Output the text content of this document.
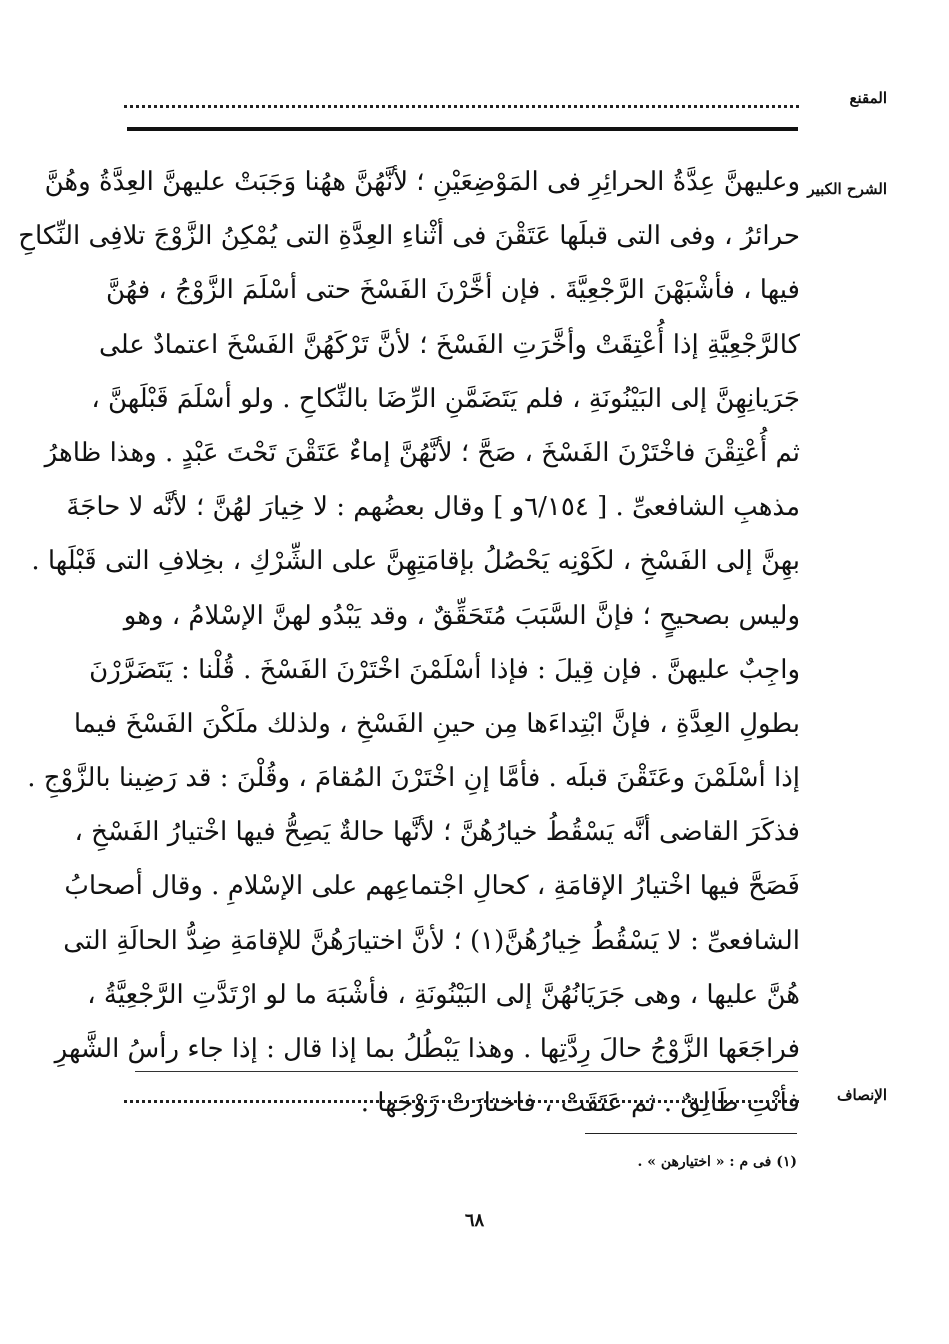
المقنع
الشرح الكبير
وعليهنَّ عِدَّةُ الحرائِرِ فى المَوْضِعَيْنِ ؛ لأنَّهُنَّ ههُنا وَجَبَتْ عليهنَّ العِدَّةُ وهُنَّ
حرائرُ ، وفى التى قبلَها عَتَقْنَ فى أثْناءِ العِدَّةِ التى يُمْكِنُ الزَّوْجَ تلافِى النِّكاحِ
فيها ، فأشْبَهْنَ الرَّجْعِيَّةَ . فإن أخَّرْنَ الفَسْخَ حتى أسْلَمَ الزَّوْجُ ، فهُنَّ
كالرَّجْعِيَّةِ إذا أُعْتِقَتْ وأخَّرَتِ الفَسْخَ ؛ لأنَّ تَرْكَهُنَّ الفَسْخَ اعتمادٌ على
جَرَيانِهِنَّ إلى البَيْنُونَةِ ، فلم يَتَضَمَّنِ الرِّضَا بالنِّكاحِ . ولو أسْلَمَ قَبْلَهنَّ ،
ثم أُعْتِقْنَ فاخْتَرْنَ الفَسْخَ ، صَحَّ ؛ لأنَّهُنَّ إماءٌ عَتَقْنَ تَحْتَ عَبْدٍ . وهذا ظاهرُ
مذهبِ الشافعىِّ . [ ٦/١٥٤و ] وقال بعضُهم : لا خِيارَ لهُنَّ ؛ لأنَّه لا حاجَةَ
بهِنَّ إلى الفَسْخِ ، لكَوْنِه يَحْصُلُ بإقامَتِهِنَّ على الشِّرْكِ ، بخِلافِ التى قَبْلَها .
وليس بصحيحٍ ؛ فإنَّ السَّبَبَ مُتَحَقِّقٌ ، وقد يَبْدُو لهنَّ الإسْلامُ ، وهو
واجِبٌ عليهنَّ . فإن قِيلَ : فإذا أسْلَمْنَ اخْتَرْنَ الفَسْخَ . قُلْنا : يَتَضَرَّرْنَ
بطولِ العِدَّةِ ، فإنَّ ابْتِداءَها مِن حينِ الفَسْخِ ، ولذلك ملَكْنَ الفَسْخَ فيما
إذا أسْلَمْنَ وعَتَقْنَ قبلَه . فأمَّا إنِ اخْتَرْنَ المُقامَ ، وقُلْنَ : قد رَضِينا بالزَّوْجِ .
فذكَرَ القاضى أنَّه يَسْقُطُ خيارُهُنَّ ؛ لأنَّها حالةٌ يَصِحُّ فيها اخْتيارُ الفَسْخِ ،
فَصَحَّ فيها اخْتيارُ الإقامَةِ ، كحالِ اجْتماعِهم على الإسْلامِ . وقال أصحابُ
الشافعىِّ : لا يَسْقُطُ خِيارُهُنَّ(١) ؛ لأنَّ اختيارَهُنَّ للإقامَةِ ضِدُّ الحالَةِ التى
هُنَّ عليها ، وهى جَرَيَانُهُنَّ إلى البَيْنُونَةِ ، فأشْبَهَ ما لو ارْتَدَّتِ الرَّجْعِيَّةُ ،
فراجَعَها الزَّوْجُ حالَ رِدَّتِها . وهذا يَبْطُلُ بما إذا قال : إذا جاء رأسُ الشَّهرِ
فأنْتِ طَالِقٌ . ثم عَتَقَتْ ، فاختارَتْ زَوْجَها .	الإنصاف
(١) فى م : « اختيارهن » .
٦٨
